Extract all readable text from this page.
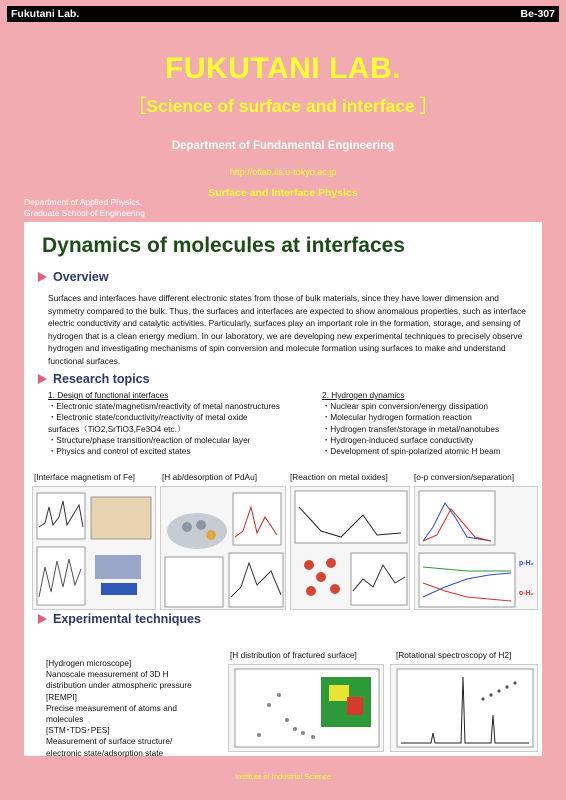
Fukutani Lab.	Be-307
FUKUTANI LAB.
［Science of surface and interface ］
Department of Fundamental Engineering
http://oflab.iis.u-tokyo.ac.jp
Surface and Interface Physics
Department of Applied Physics,
Graduate School of Engineering
Dynamics of molecules at interfaces
Overview
Surfaces and interfaces have different electronic states from those of bulk materials, since they have lower dimension and symmetry compared to the bulk. Thus, the surfaces and interfaces are expected to show anomalous properties, such as interface electric conductivity and catalytic activities. Particularly, surfaces play an important role in the formation, storage, and sensing of hydrogen that is a clean energy medium. In our laboratory, we are developing new experimental techniques to precisely observe hydrogen and investigating mechanisms of spin conversion and molecule formation using surfaces to make and understand functional surfaces.
Research topics
1. Design of functional interfaces
・Electronic state/magnetism/reactivity of metal nanostructures
・Electronic state/conductivity/reactivity of metal oxide
surfaces（TiO2,SrTiO3,Fe3O4 etc.）
・Structure/phase transition/reaction of molecular layer
・Physics and control of excited states
2. Hydrogen dynamics
・Nuclear spin conversion/energy dissipation
・Molecular hydrogen formation reaction
・Hydrogen transfer/storage in metal/nanotubes
・Hydrogen-induced surface conductivity
・Development of spin-polarized atomic H beam
[Interface magnetism of Fe]	[H ab/desorption of PdAu]	[Reaction on metal oxides]	[o-p conversion/separation]
p-H₂
o-H₂
Experimental techniques
[Hydrogen microscope]
Nanoscale measurement of 3D H
distribution under atmospheric pressure
[REMPI]
Precise measurement of atoms and
molecules
[STM･TDS･PES]
Measurement of surface structure/
electronic state/adsorption state
[H distribution of fractured surface]	[Rotational spectroscopy of H2]
Institute of Industrial Science
